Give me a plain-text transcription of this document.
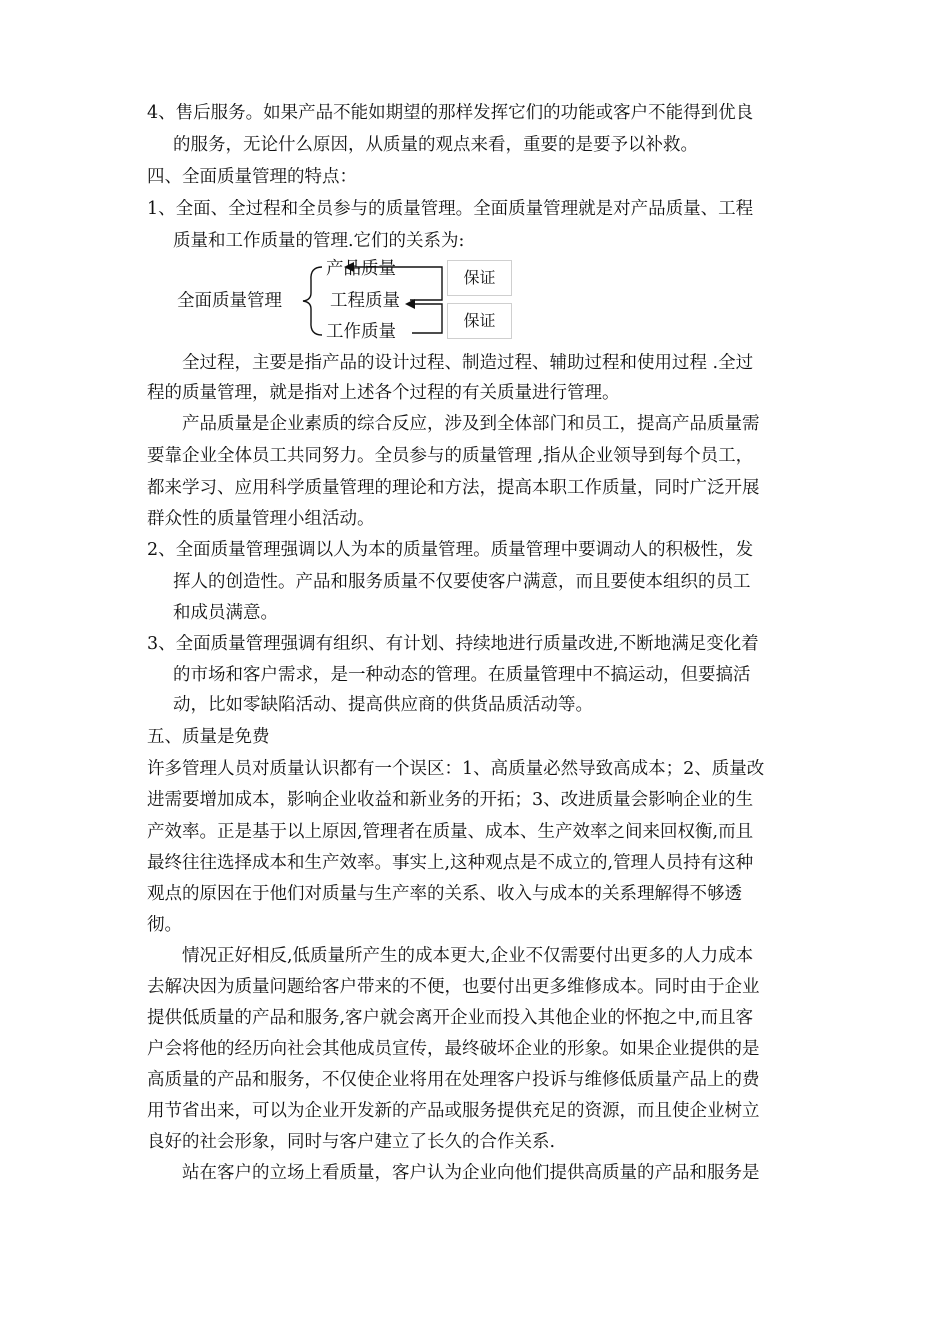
4、售后服务。如果产品不能如期望的那样发挥它们的功能或客户不能得到优良
的服务，无论什么原因，从质量的观点来看，重要的是要予以补救。
四、全面质量管理的特点：
1、全面、全过程和全员参与的质量管理。全面质量管理就是对产品质量、工程
质量和工作质量的管理.它们的关系为:
全面质量管理
产品质量
工程质量
工作质量
保证
保证
全过程，主要是指产品的设计过程、制造过程、辅助过程和使用过程 .全过
程的质量管理，就是指对上述各个过程的有关质量进行管理。
产品质量是企业素质的综合反应，涉及到全体部门和员工，提高产品质量需
要靠企业全体员工共同努力。全员参与的质量管理 ,指从企业领导到每个员工，
都来学习、应用科学质量管理的理论和方法，提高本职工作质量，同时广泛开展
群众性的质量管理小组活动。
2、全面质量管理强调以人为本的质量管理。质量管理中要调动人的积极性，发
挥人的创造性。产品和服务质量不仅要使客户满意，而且要使本组织的员工
和成员满意。
3、全面质量管理强调有组织、有计划、持续地进行质量改进,不断地满足变化着
的市场和客户需求，是一种动态的管理。在质量管理中不搞运动，但要搞活
动，比如零缺陷活动、提高供应商的供货品质活动等。
五、质量是免费
许多管理人员对质量认识都有一个误区：1、高质量必然导致高成本；2、质量改
进需要增加成本，影响企业收益和新业务的开拓；3、改进质量会影响企业的生
产效率。正是基于以上原因,管理者在质量、成本、生产效率之间来回权衡,而且
最终往往选择成本和生产效率。事实上,这种观点是不成立的,管理人员持有这种
观点的原因在于他们对质量与生产率的关系、收入与成本的关系理解得不够透
彻。
情况正好相反,低质量所产生的成本更大,企业不仅需要付出更多的人力成本
去解决因为质量问题给客户带来的不便，也要付出更多维修成本。同时由于企业
提供低质量的产品和服务,客户就会离开企业而投入其他企业的怀抱之中,而且客
户会将他的经历向社会其他成员宣传，最终破坏企业的形象。如果企业提供的是
高质量的产品和服务，不仅使企业将用在处理客户投诉与维修低质量产品上的费
用节省出来，可以为企业开发新的产品或服务提供充足的资源，而且使企业树立
良好的社会形象，同时与客户建立了长久的合作关系.
站在客户的立场上看质量，客户认为企业向他们提供高质量的产品和服务是
